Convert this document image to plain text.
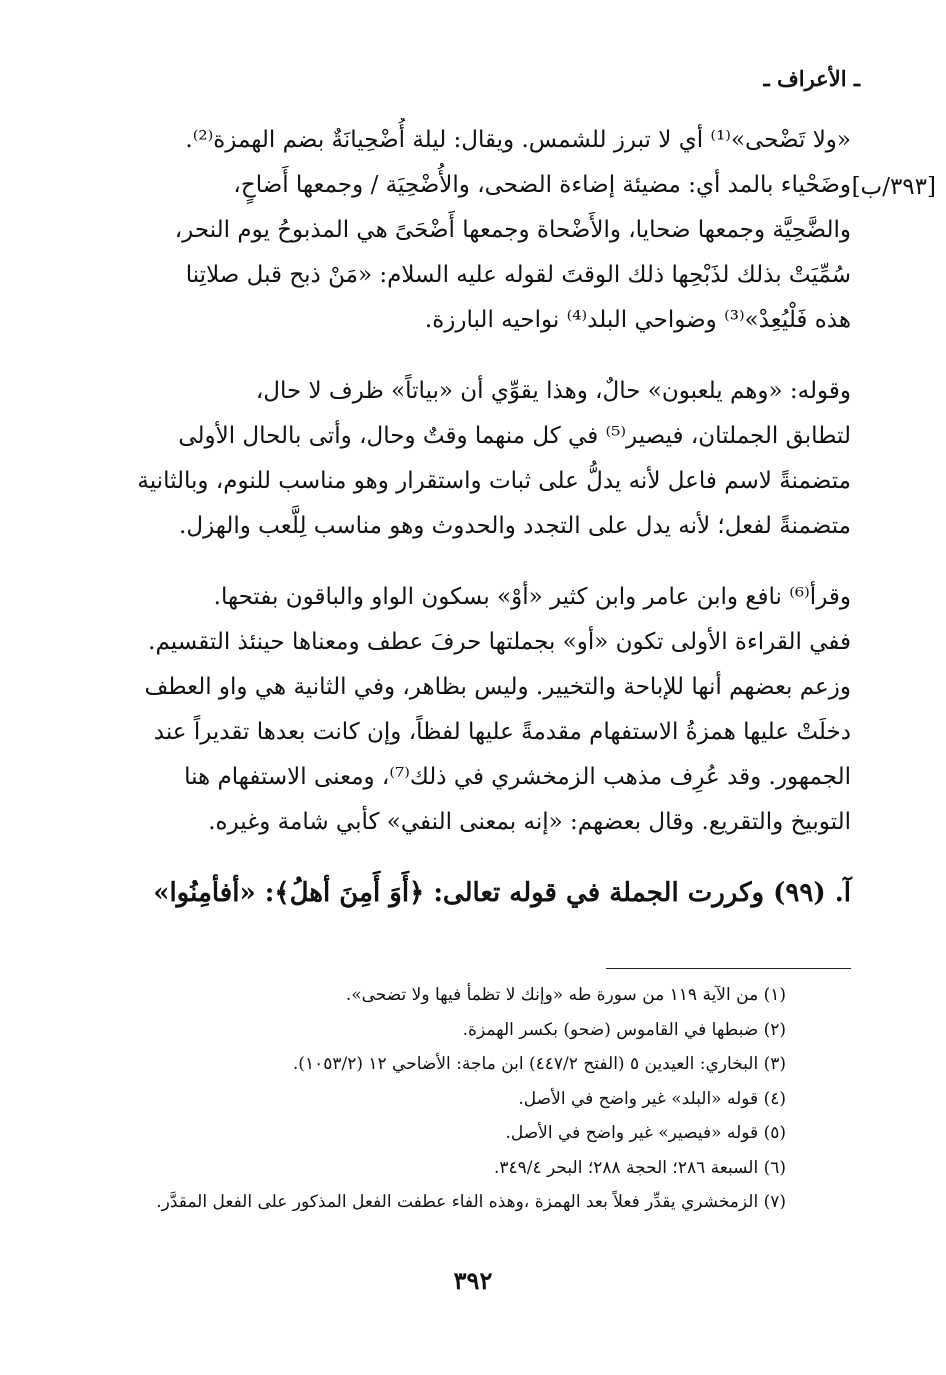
ـ الأعراف ـ
[٣٩٣/ب]
«ولا تَضْحى»⁽¹⁾ أي لا تبرز للشمس. ويقال: ليلة أُضْحِيانَةٌ بضم الهمزة⁽²⁾.
وضَحْياء بالمد أي: مضيئة إضاءة الضحى، والأُضْحِيَة / وجمعها أَضاحٍ،
والضَّحِيَّة وجمعها ضحايا، والأَضْحاة وجمعها أَضْحَىً هي المذبوحُ يوم النحر،
سُمِّيَتْ بذلك لذَبْحِها ذلك الوقتَ لقوله عليه السلام: «مَنْ ذبح قبل صلاتِنا
هذه فَلْيُعِدْ»⁽³⁾ وضواحي البلد⁽⁴⁾ نواحيه البارزة.
وقوله: «وهم يلعبون» حالٌ، وهذا يقوِّي أن «بياتاً» ظرف لا حال،
لتطابق الجملتان، فيصير⁽⁵⁾ في كل منهما وقتٌ وحال، وأتى بالحال الأولى
متضمنةً لاسم فاعل لأنه يدلُّ على ثبات واستقرار وهو مناسب للنوم، وبالثانية
متضمنةً لفعل؛ لأنه يدل على التجدد والحدوث وهو مناسب لِلَّعب والهزل.
وقرأ⁽⁶⁾ نافع وابن عامر وابن كثير «أوْ» بسكون الواو والباقون بفتحها.
ففي القراءة الأولى تكون «أو» بجملتها حرفَ عطف ومعناها حينئذ التقسيم.
وزعم بعضهم أنها للإباحة والتخيير. وليس بظاهر، وفي الثانية هي واو العطف
دخلَتْ عليها همزةُ الاستفهام مقدمةً عليها لفظاً، وإن كانت بعدها تقديراً عند
الجمهور. وقد عُرِف مذهب الزمخشري في ذلك⁽⁷⁾، ومعنى الاستفهام هنا
التوبيخ والتقريع. وقال بعضهم: «إنه بمعنى النفي» كأبي شامة وغيره.
آ. (٩٩) وكررت الجملة في قوله تعالى: ﴿أَوَ أَمِنَ أهلُ﴾: «أفأمِنُوا»
(١) من الآية ١١٩ من سورة طه «وإنك لا تظمأ فيها ولا تضحى».
(٢) ضبطها في القاموس (ضحو) بكسر الهمزة.
(٣) البخاري: العيدين ٥ (الفتح ٤٤٧/٢) ابن ماجة: الأضاحي ١٢ (١٠٥٣/٢).
(٤) قوله «البلد» غير واضح في الأصل.
(٥) قوله «فيصير» غير واضح في الأصل.
(٦) السبعة ٢٨٦؛ الحجة ٢٨٨؛ البحر ٣٤٩/٤.
(٧) الزمخشري يقدِّر فعلاً بعد الهمزة ،وهذه الفاء عطفت الفعل المذكور على الفعل المقدَّر.
٣٩٢
